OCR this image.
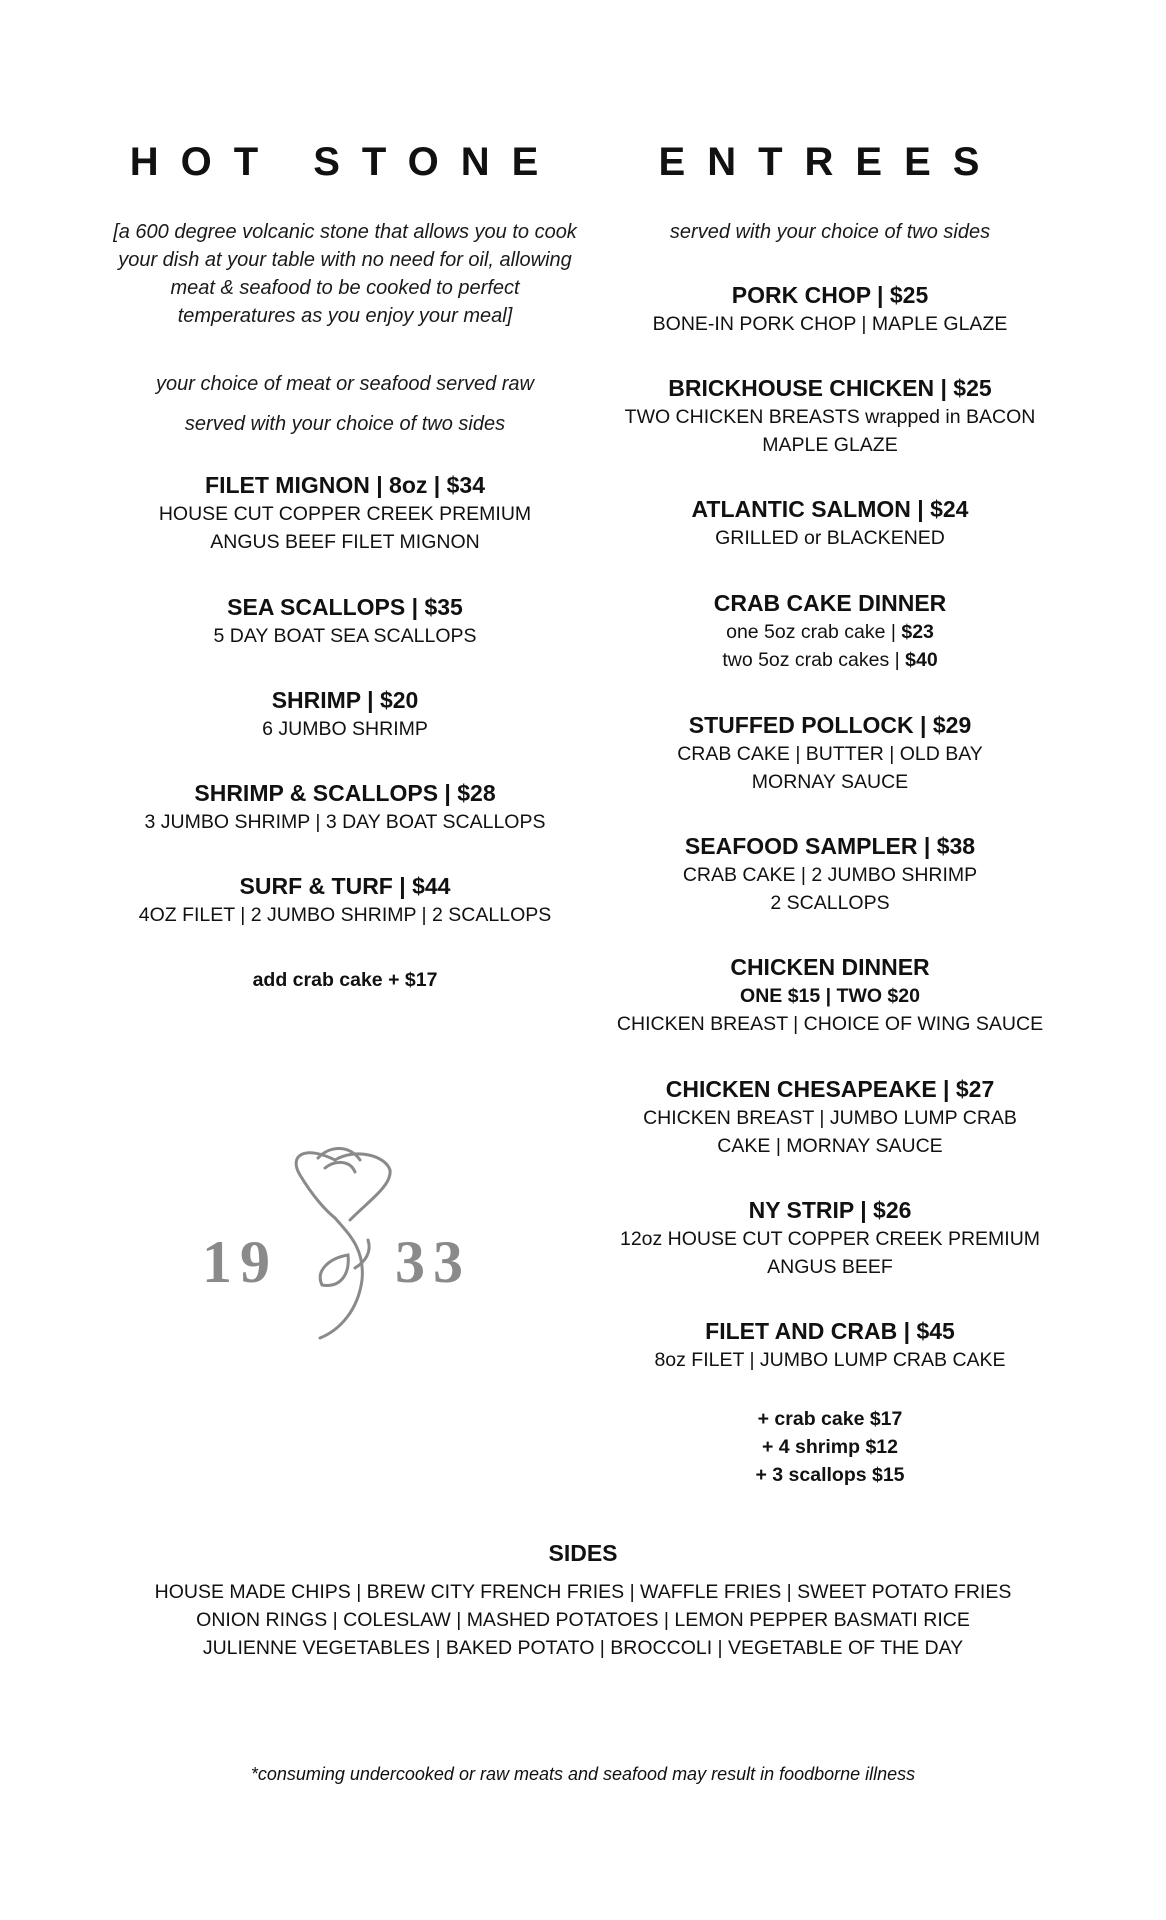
HOT STONE
[a 600 degree volcanic stone that allows you to cook your dish at your table with no need for oil, allowing meat & seafood to be cooked to perfect temperatures as you enjoy your meal]
your choice of meat or seafood served raw
served with your choice of two sides
FILET MIGNON | 8oz | $34
HOUSE CUT COPPER CREEK PREMIUM
ANGUS BEEF FILET MIGNON
SEA SCALLOPS | $35
5 DAY BOAT SEA SCALLOPS
SHRIMP | $20
6 JUMBO SHRIMP
SHRIMP & SCALLOPS | $28
3 JUMBO SHRIMP | 3 DAY BOAT SCALLOPS
SURF & TURF | $44
4OZ FILET | 2 JUMBO SHRIMP | 2 SCALLOPS
add crab cake + $17
19 33
ENTREES
served with your choice of two sides
PORK CHOP | $25
BONE-IN PORK CHOP | MAPLE GLAZE
BRICKHOUSE CHICKEN | $25
TWO CHICKEN BREASTS wrapped in BACON
MAPLE GLAZE
ATLANTIC SALMON | $24
GRILLED or BLACKENED
CRAB CAKE DINNER
one 5oz crab cake | $23
two 5oz crab cakes | $40
STUFFED POLLOCK | $29
CRAB CAKE | BUTTER | OLD BAY
MORNAY SAUCE
SEAFOOD SAMPLER | $38
CRAB CAKE | 2 JUMBO SHRIMP
2 SCALLOPS
CHICKEN DINNER
ONE $15 | TWO $20
CHICKEN BREAST | CHOICE OF WING SAUCE
CHICKEN CHESAPEAKE | $27
CHICKEN BREAST | JUMBO LUMP CRAB
CAKE | MORNAY SAUCE
NY STRIP | $26
12oz HOUSE CUT COPPER CREEK PREMIUM
ANGUS BEEF
FILET AND CRAB | $45
8oz FILET | JUMBO LUMP CRAB CAKE
+ crab cake $17
+ 4 shrimp $12
+ 3 scallops $15
SIDES
HOUSE MADE CHIPS | BREW CITY FRENCH FRIES | WAFFLE FRIES | SWEET POTATO FRIES
ONION RINGS | COLESLAW | MASHED POTATOES | LEMON PEPPER BASMATI RICE
JULIENNE VEGETABLES | BAKED POTATO | BROCCOLI | VEGETABLE OF THE DAY
*consuming undercooked or raw meats and seafood may result in foodborne illness
